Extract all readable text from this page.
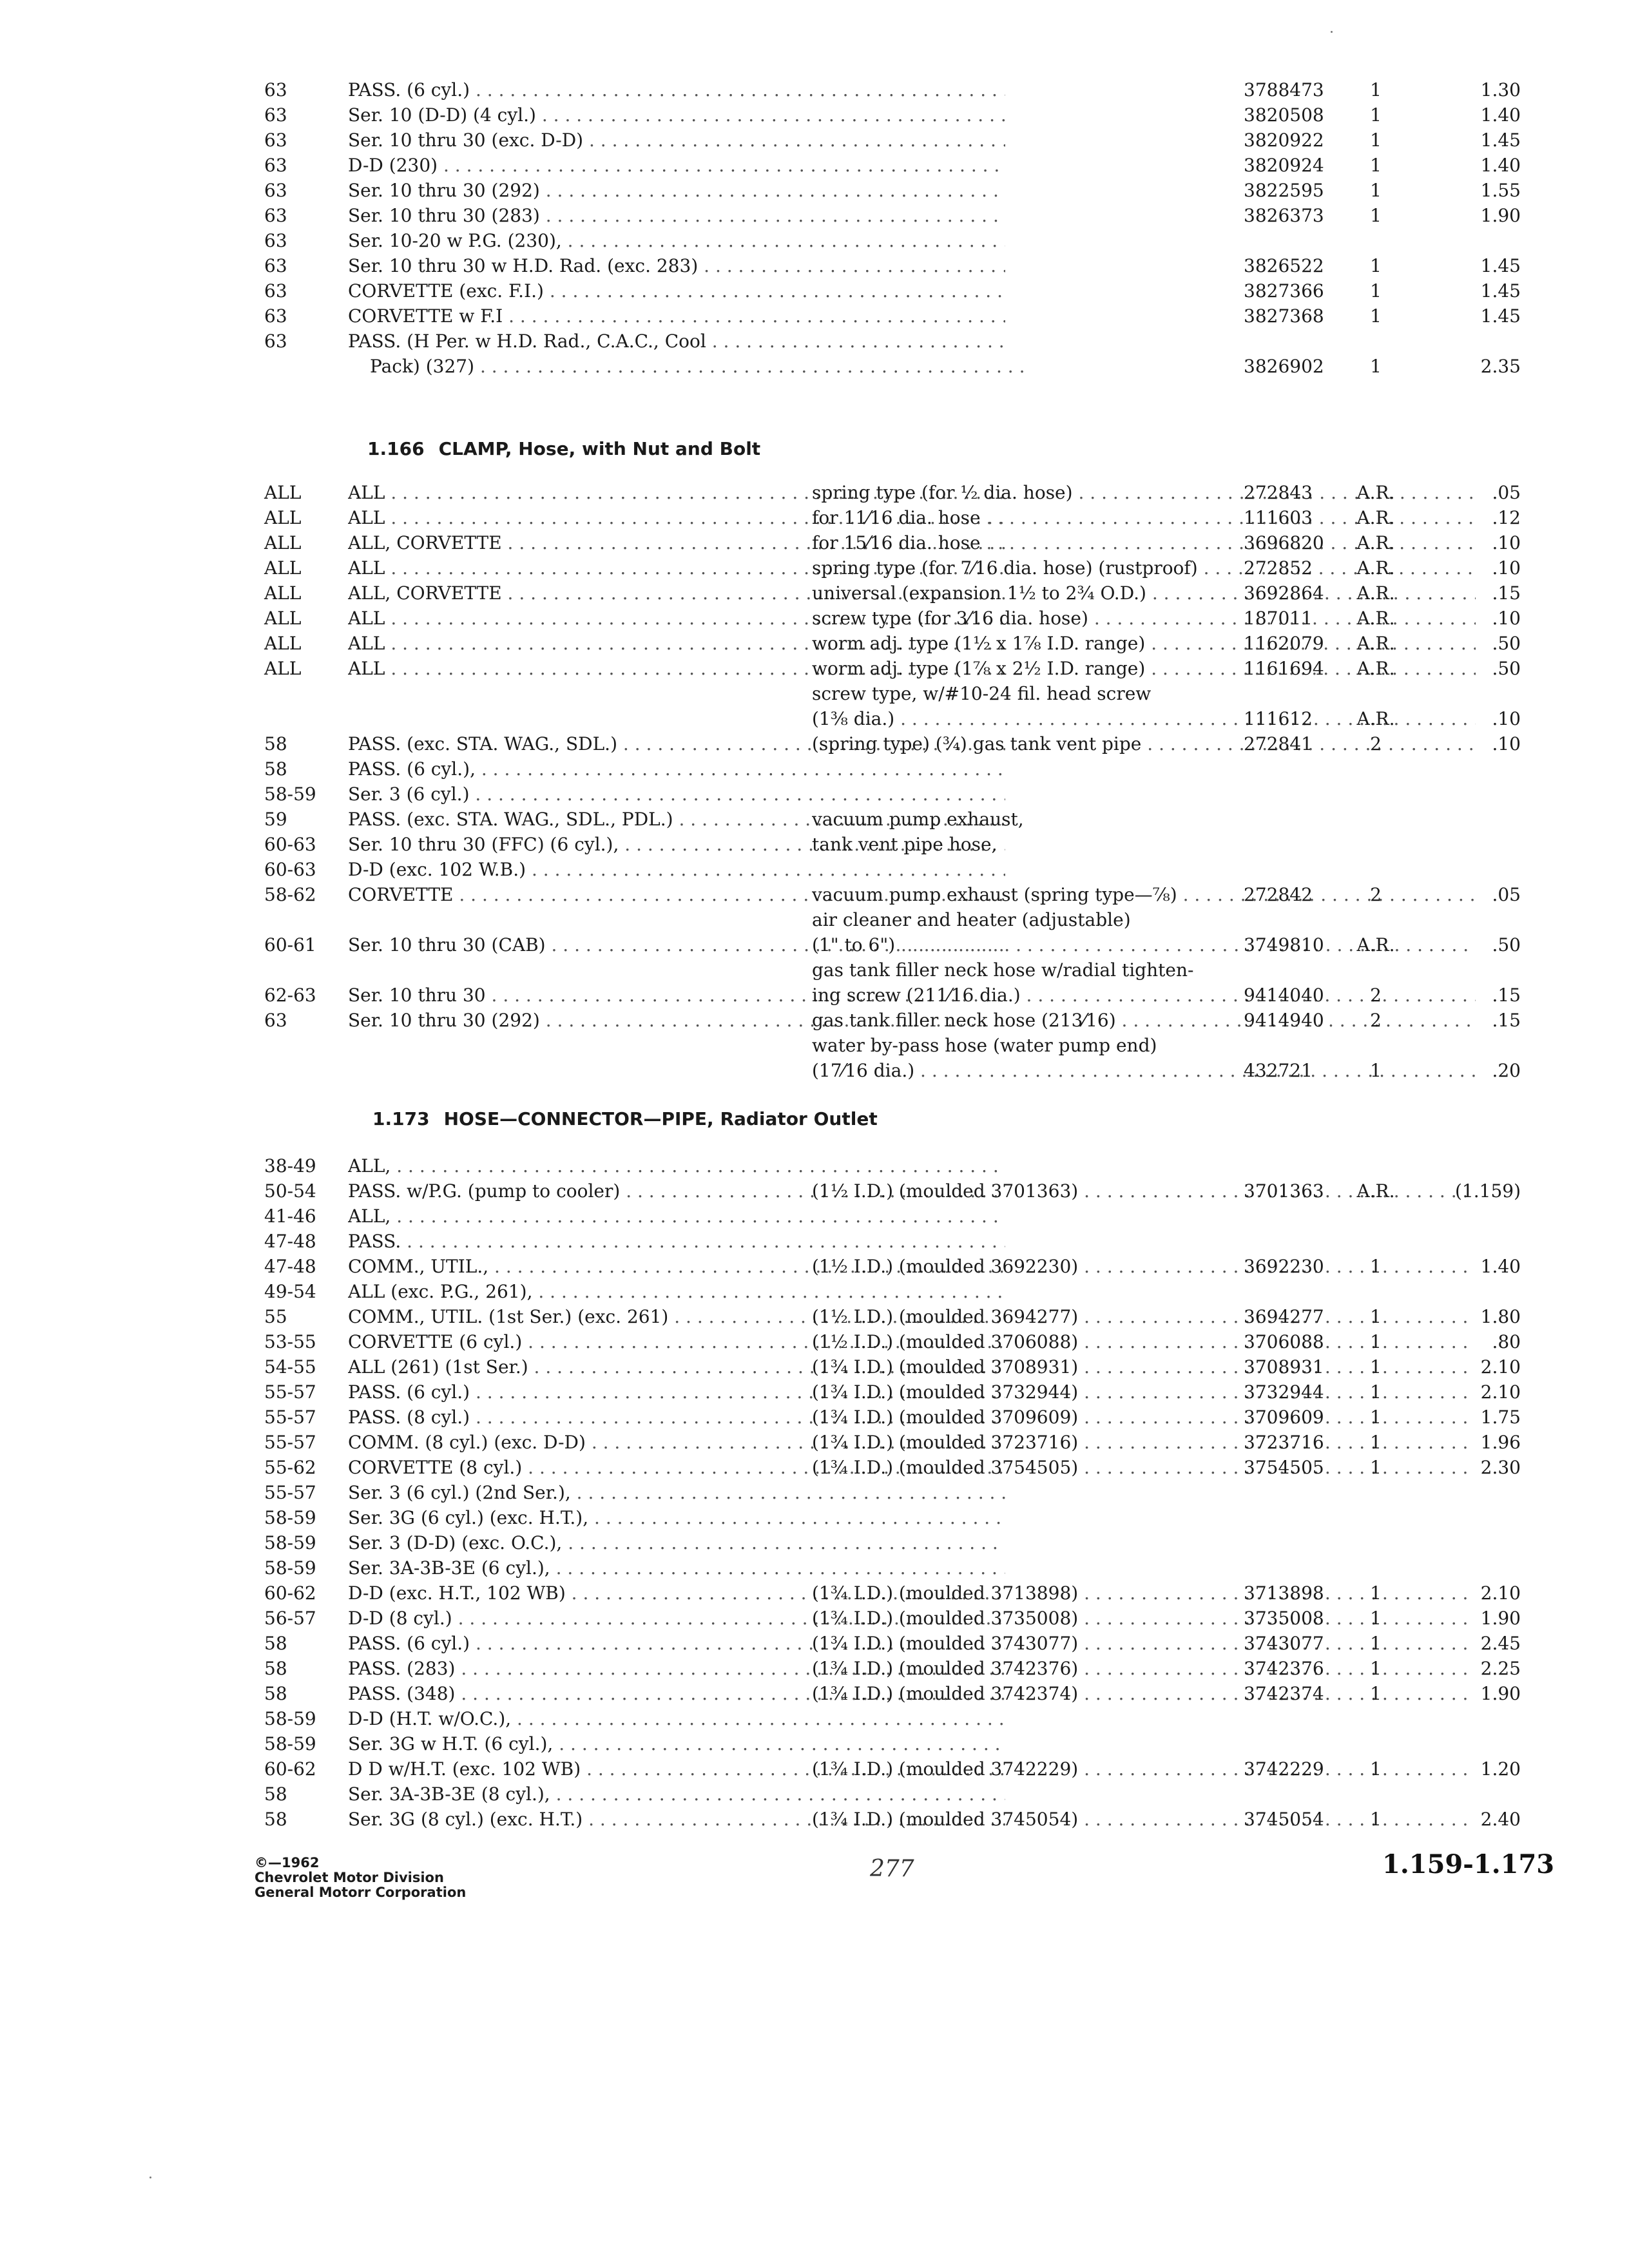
63	PASS. (6 cyl.) . . .	3788473	1	1.30
63	Ser. 10 (D-D) (4 cyl.) . . .	3820508	1	1.40
63	Ser. 10 thru 30 (exc. D-D) . . .	3820922	1	1.45
63	D-D (230) . . .	3820924	1	1.40
63	Ser. 10 thru 30 (292) . . .	3822595	1	1.55
63	Ser. 10 thru 30 (283) . . .	3826373	1	1.90
63	Ser. 10-20 w P.G. (230), . . .
63	Ser. 10 thru 30 w H.D. Rad. (exc. 283) . . .	3826522	1	1.45
63	CORVETTE (exc. F.I.) . . .	3827366	1	1.45
63	CORVETTE w F.I . . .	3827368	1	1.45
63	PASS. (H Per. w H.D. Rad., C.A.C., Cool . . .
Pack) (327) . . .	3826902	1	2.35
1.166 CLAMP, Hose, with Nut and Bolt
ALL	ALL . . .	spring type (for ½ dia. hose) . . .	272843	A.R.	.05
ALL	ALL . . .	for 11⁄16 dia. hose . . .	111603	A.R.	.12
ALL	ALL, CORVETTE . . .	for 15⁄16 dia. hose . . .	3696820	A.R.	.10
ALL	ALL . . .	spring type (for 7⁄16 dia. hose) (rustproof) . . .	272852	A.R.	.10
ALL	ALL, CORVETTE . . .	universal (expansion 1½ to 2¾ O.D.) . . .	3692864	A.R.	.15
ALL	ALL . . .	screw type (for 3⁄16 dia. hose) . . .	187011	A.R.	.10
ALL	ALL . . .	worm adj. type (1½ x 1⅞ I.D. range) . . .	1162079	A.R.	.50
ALL	ALL . . .	worm adj. type (1⅞ x 2½ I.D. range) . . .	1161694	A.R.	.50
screw type, w/#10-24 fil. head screw
(1⅜ dia.) . . .	111612	A.R.	.10
58	PASS. (exc. STA. WAG., SDL.) . . .	(spring type) (¾) gas tank vent pipe . . .	272841	2	.10
58	PASS. (6 cyl.), . . .
58-59 Ser. 3 (6 cyl.) . . .
59	PASS. (exc. STA. WAG., SDL., PDL.) . . .	vacuum pump exhaust,
60-63 Ser. 10 thru 30 (FFC) (6 cyl.), . . .	tank vent pipe hose,
60-63 D-D (exc. 102 W.B.) . . .
58-62 CORVETTE . . .	vacuum pump exhaust (spring type—⅞) . . .	272842	2	.05
air cleaner and heater (adjustable)
60-61 Ser. 10 thru 30 (CAB) . . .	(1" to 6") . . .	3749810	A.R.	.50
gas tank filler neck hose w/radial tighten-
62-63 Ser. 10 thru 30 . . .	ing screw (211⁄16 dia.) . . .	9414040	2	.15
63	Ser. 10 thru 30 (292) . . .	gas tank filler neck hose (213⁄16) . . .	9414940	2	.15
water by-pass hose (water pump end)
(17⁄16 dia.) . . .	432721	1	.20
1.173 HOSE—CONNECTOR—PIPE, Radiator Outlet
38-49 ALL, . . .
50-54 PASS. w/P.G. (pump to cooler) . . .	(1½ I.D.) (moulded 3701363) . . .	3701363	A.R.	(1.159)
41-46 ALL, . . .
47-48 PASS. . . .
47-48 COMM., UTIL., . . .	(1½ I.D.) (moulded 3692230) . . .	3692230	1	1.40
49-54 ALL (exc. P.G., 261), . . .
55	COMM., UTIL. (1st Ser.) (exc. 261) . . .	(1½ I.D.) (moulded 3694277) . . .	3694277	1	1.80
53-55 CORVETTE (6 cyl.) . . .	(1½ I.D.) (moulded 3706088) . . .	3706088	1	.80
54-55 ALL (261) (1st Ser.) . . .	(1¾ I.D.) (moulded 3708931) . . .	3708931	1	2.10
55-57 PASS. (6 cyl.) . . .	(1¾ I.D.) (moulded 3732944) . . .	3732944	1	2.10
55-57 PASS. (8 cyl.) . . .	(1¾ I.D.) (moulded 3709609) . . .	3709609	1	1.75
55-57 COMM. (8 cyl.) (exc. D-D) . . .	(1¾ I.D.) (moulded 3723716) . . .	3723716	1	1.96
55-62 CORVETTE (8 cyl.) . . .	(1¾ I.D.) (moulded 3754505) . . .	3754505	1	2.30
55-57 Ser. 3 (6 cyl.) (2nd Ser.), . . .
58-59 Ser. 3G (6 cyl.) (exc. H.T.), . . .
58-59 Ser. 3 (D-D) (exc. O.C.), . . .
58-59 Ser. 3A-3B-3E (6 cyl.), . . .
60-62 D-D (exc. H.T., 102 WB) . . .	(1¾ I.D.) (moulded 3713898) . . .	3713898	1	2.10
56-57 D-D (8 cyl.) . . .	(1¾ I.D.) (moulded 3735008) . . .	3735008	1	1.90
58	PASS. (6 cyl.) . . .	(1¾ I.D.) (moulded 3743077) . . .	3743077	1	2.45
58	PASS. (283) . . .	(1¾ I.D.) (moulded 3742376) . . .	3742376	1	2.25
58	PASS. (348) . . .	(1¾ I.D.) (moulded 3742374) . . .	3742374	1	1.90
58-59 D-D (H.T. w/O.C.), . . .
58-59 Ser. 3G w H.T. (6 cyl.), . . .
60-62 D D w/H.T. (exc. 102 WB) . . .	(1¾ I.D.) (moulded 3742229) . . .	3742229	1	1.20
58	Ser. 3A-3B-3E (8 cyl.), . . .
58	Ser. 3G (8 cyl.) (exc. H.T.) . . .	(1¾ I.D.) (moulded 3745054) . . .	3745054	1	2.40
©—1962
Chevrolet Motor Division
General Motorr Corporation
277	1.159-1.173
